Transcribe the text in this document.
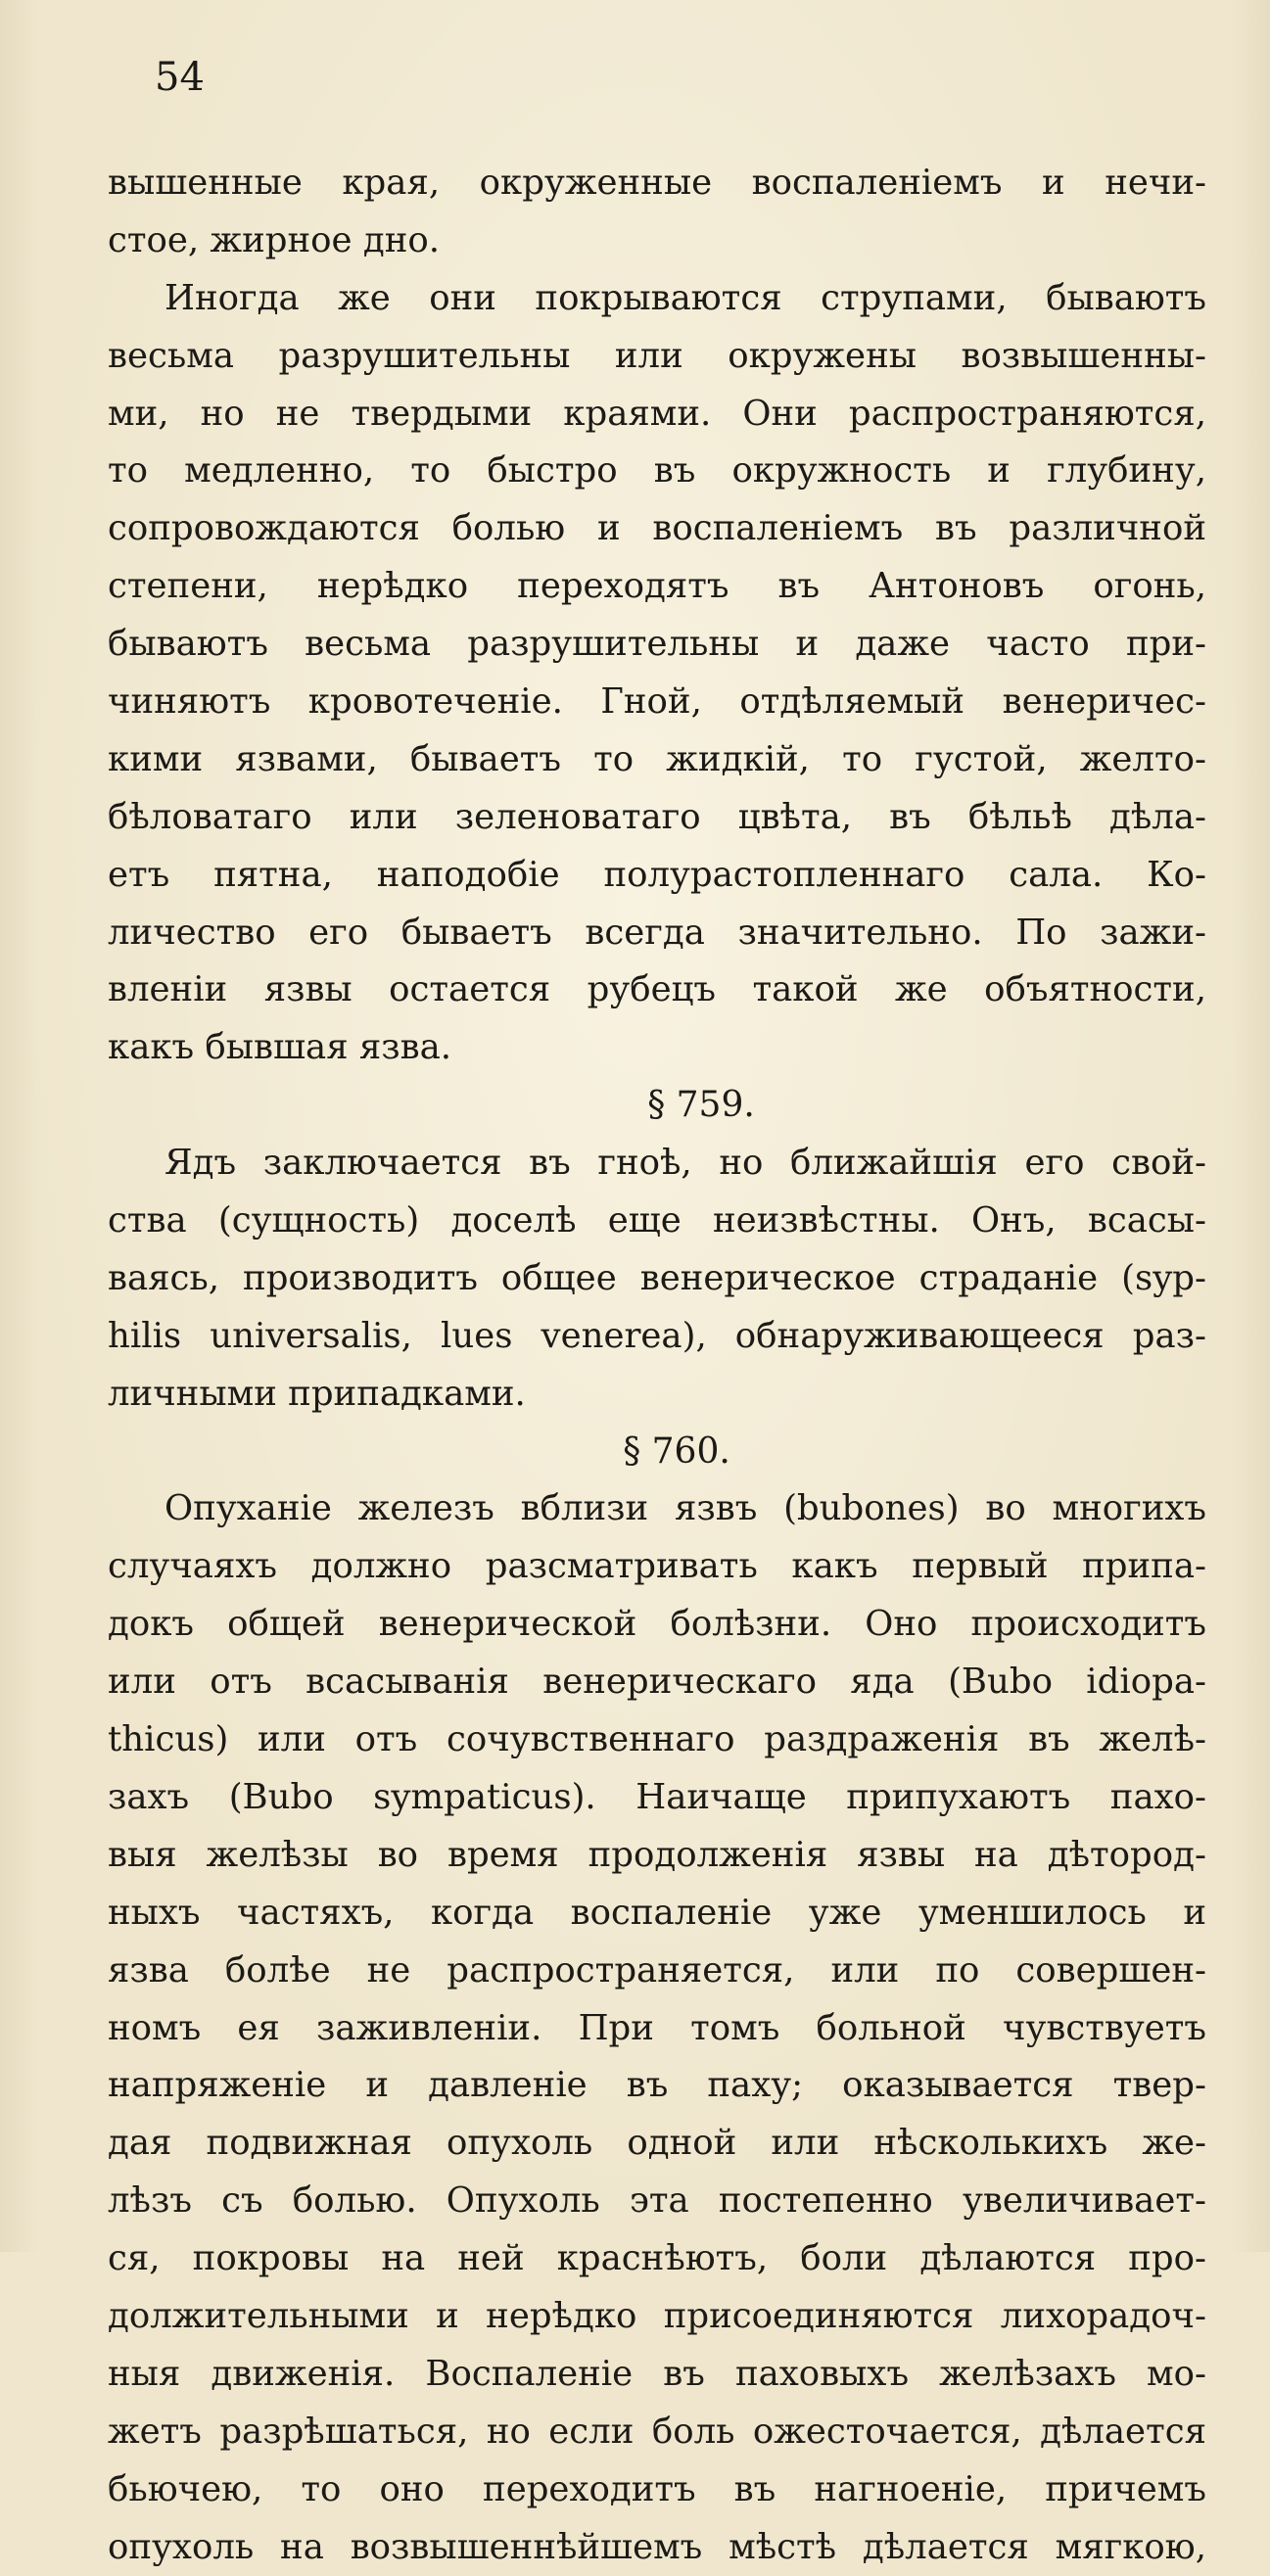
54
вышенные края, окруженные воспаленіемъ и нечи-
стое, жирное дно.
Иногда же они покрываются струпами, бываютъ
весьма разрушительны или окружены возвышенны-
ми, но не твердыми краями. Они распространяются,
то медленно, то быстро въ окружность и глубину,
сопровождаются болью и воспаленіемъ въ различной
степени, нерѣдко переходятъ въ Антоновъ огонь,
бываютъ весьма разрушительны и даже часто при-
чиняютъ кровотеченіе. Гной, отдѣляемый венеричес-
кими язвами, бываетъ то жидкій, то густой, желто-
бѣловатаго или зеленоватаго цвѣта, въ бѣльѣ дѣла-
етъ пятна, наподобіе полурастопленнаго сала. Ко-
личество его бываетъ всегда значительно. По зажи-
вленіи язвы остается рубецъ такой же объятности,
какъ бывшая язва.
§ 759.
Ядъ заключается въ гноѣ, но ближайшія его свой-
ства (сущность) доселѣ еще неизвѣстны. Онъ, всасы-
ваясь, производитъ общее венерическое страданіе (syp-
hilis universalis, lues venerea), обнаруживающееся раз-
личными припадками.
§ 760.
Опуханіе железъ вблизи язвъ (bubones) во многихъ
случаяхъ должно разсматривать какъ первый припа-
докъ общей венерической болѣзни. Оно происходитъ
или отъ всасыванія венерическаго яда (Bubo idiopa-
thicus) или отъ сочувственнаго раздраженія въ желѣ-
захъ (Bubo sympaticus). Наичаще припухаютъ пахо-
выя желѣзы во время продолженія язвы на дѣтород-
ныхъ частяхъ, когда воспаленіе уже уменшилось и
язва болѣе не распространяется, или по совершен-
номъ ея заживленіи. При томъ больной чувствуетъ
напряженіе и давленіе въ паху; оказывается твер-
дая подвижная опухоль одной или нѣсколькихъ же-
лѣзъ съ болью. Опухоль эта постепенно увеличивает-
ся, покровы на ней краснѣютъ, боли дѣлаются про-
должительными и нерѣдко присоединяются лихорадоч-
ныя движенія. Воспаленіе въ паховыхъ желѣзахъ мо-
жетъ разрѣшаться, но если боль ожесточается, дѣлается
бьючею, то оно переходитъ въ нагноеніе, причемъ
опухоль на возвышеннѣйшемъ мѣстѣ дѣлается мягкою,
